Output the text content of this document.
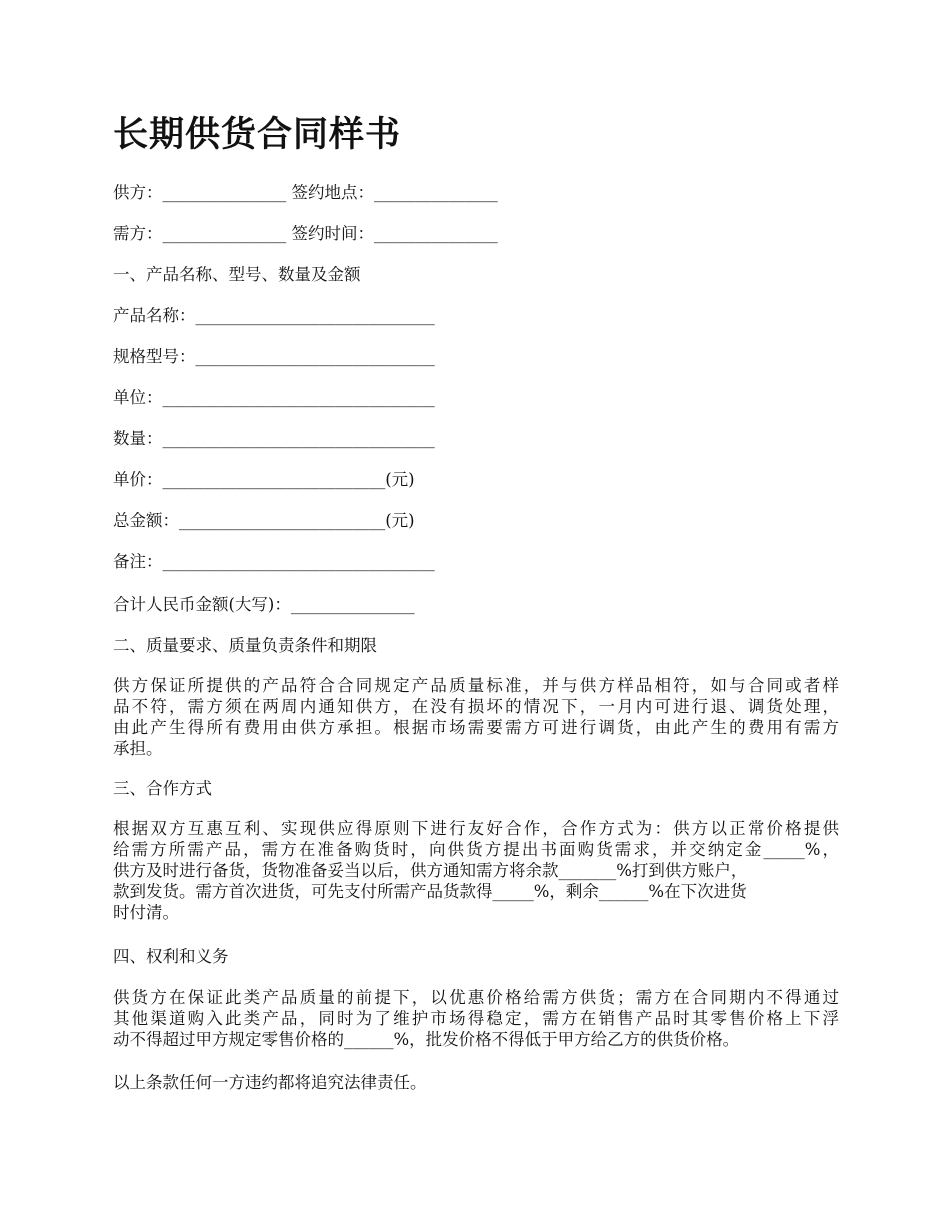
长期供货合同样书

供方：_______________ 签约地点：_______________

需方：_______________ 签约时间：_______________

一、产品名称、型号、数量及金额

产品名称：_____________________________

规格型号：_____________________________

单位：_________________________________

数量：_________________________________

单价：___________________________(元)

总金额：_________________________(元)

备注：_________________________________

合计人民币金额(大写)：_______________

二、质量要求、质量负责条件和期限

供方保证所提供的产品符合合同规定产品质量标准，并与供方样品相符，如与合同或者样
品不符，需方须在两周内通知供方，在没有损坏的情况下，一月内可进行退、调货处理，
由此产生得所有费用由供方承担。根据市场需要需方可进行调货，由此产生的费用有需方
承担。

三、合作方式

根据双方互惠互利、实现供应得原则下进行友好合作，合作方式为：供方以正常价格提供
给需方所需产品，需方在准备购货时，向供货方提出书面购货需求，并交纳定金_____%，
供方及时进行备货，货物准备妥当以后，供方通知需方将余款_______%打到供方账户，
款到发货。需方首次进货，可先支付所需产品货款得_____%，剩余______%在下次进货
时付清。

四、权利和义务

供货方在保证此类产品质量的前提下，以优惠价格给需方供货；需方在合同期内不得通过
其他渠道购入此类产品，同时为了维护市场得稳定，需方在销售产品时其零售价格上下浮
动不得超过甲方规定零售价格的______%，批发价格不得低于甲方给乙方的供货价格。

以上条款任何一方违约都将追究法律责任。
